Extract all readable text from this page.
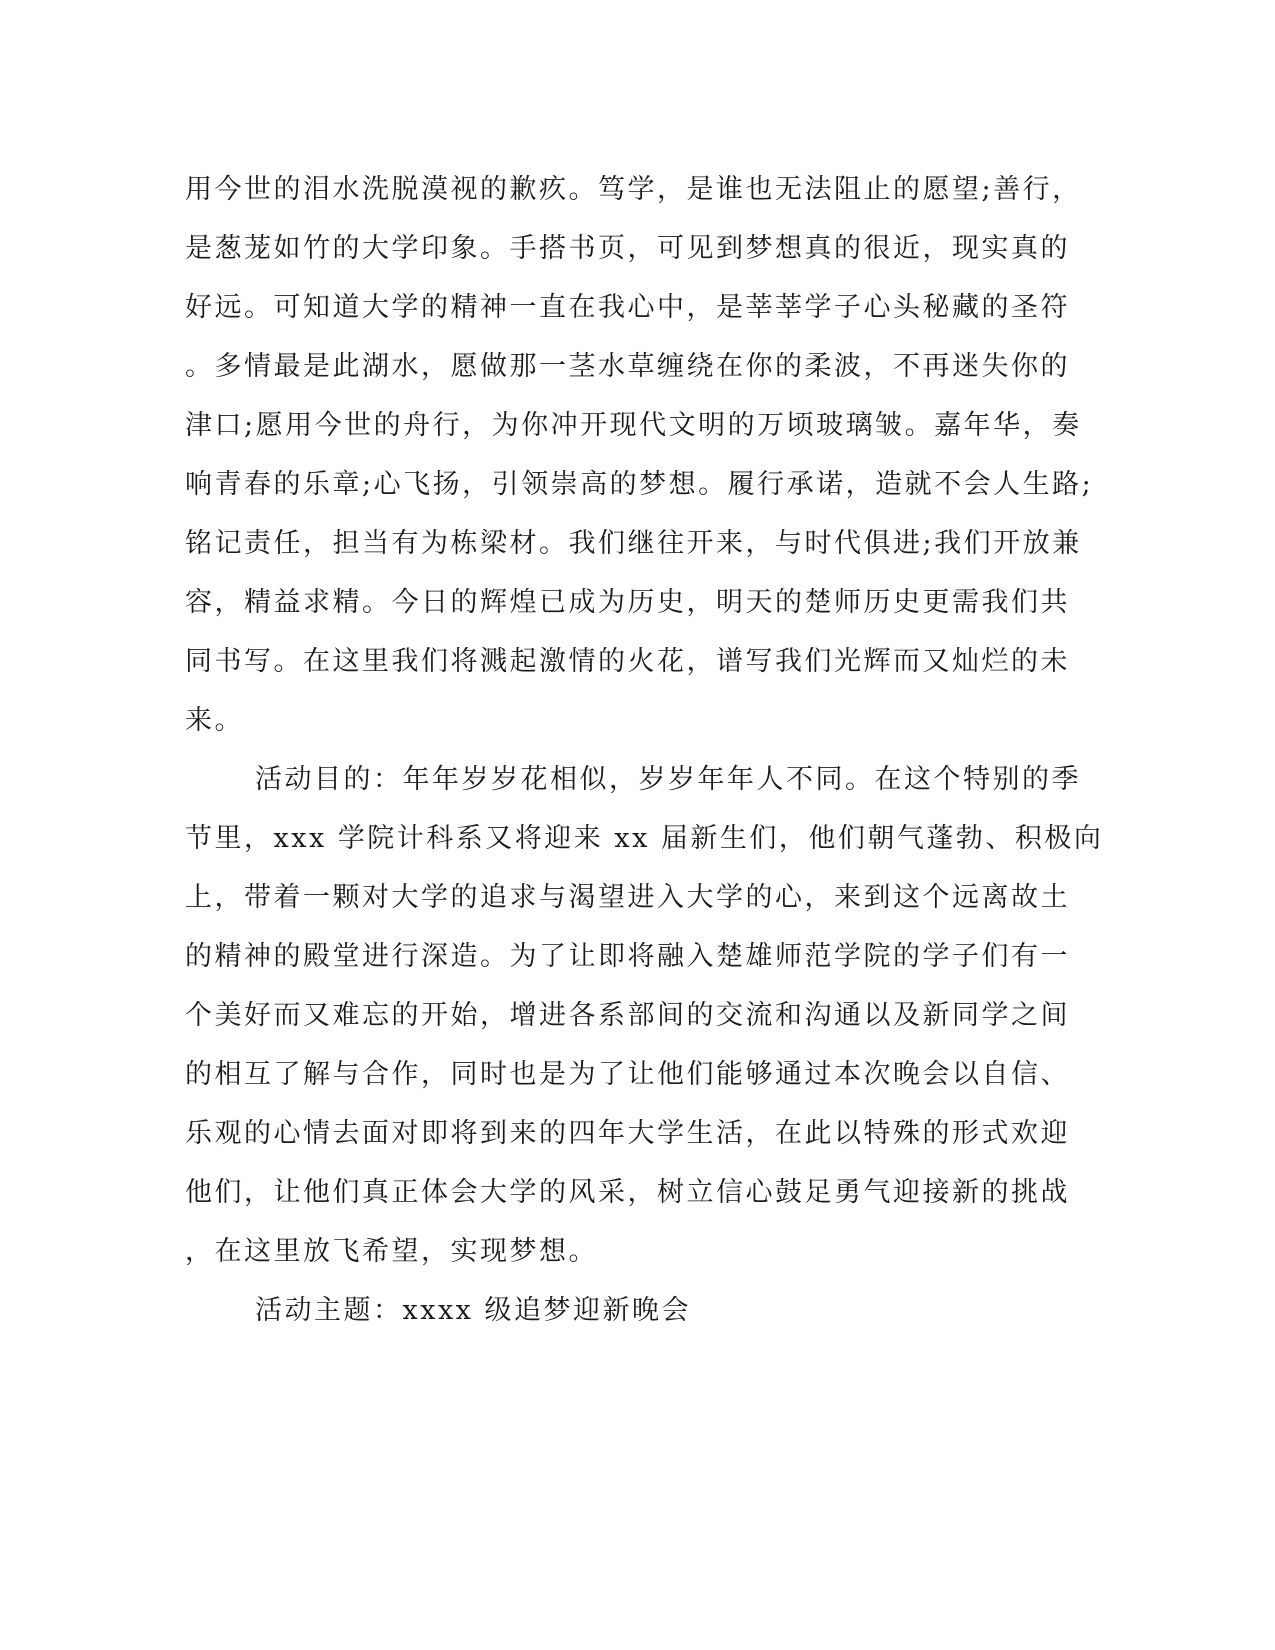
用今世的泪水洗脱漠视的歉疚。笃学，是谁也无法阻止的愿望;善行，
是葱茏如竹的大学印象。手搭书页，可见到梦想真的很近，现实真的
好远。可知道大学的精神一直在我心中，是莘莘学子心头秘藏的圣符
。多情最是此湖水，愿做那一茎水草缠绕在你的柔波，不再迷失你的
津口;愿用今世的舟行，为你冲开现代文明的万顷玻璃皱。嘉年华，奏
响青春的乐章;心飞扬，引领崇高的梦想。履行承诺，造就不会人生路;
铭记责任，担当有为栋梁材。我们继往开来，与时代俱进;我们开放兼
容，精益求精。今日的辉煌已成为历史，明天的楚师历史更需我们共
同书写。在这里我们将溅起激情的火花，谱写我们光辉而又灿烂的未
来。

活动目的：年年岁岁花相似，岁岁年年人不同。在这个特别的季
节里，xxx 学院计科系又将迎来 xx 届新生们，他们朝气蓬勃、积极向
上，带着一颗对大学的追求与渴望进入大学的心，来到这个远离故土
的精神的殿堂进行深造。为了让即将融入楚雄师范学院的学子们有一
个美好而又难忘的开始，增进各系部间的交流和沟通以及新同学之间
的相互了解与合作，同时也是为了让他们能够通过本次晚会以自信、
乐观的心情去面对即将到来的四年大学生活，在此以特殊的形式欢迎
他们，让他们真正体会大学的风采，树立信心鼓足勇气迎接新的挑战
，在这里放飞希望，实现梦想。

活动主题：xxxx 级追梦迎新晚会
